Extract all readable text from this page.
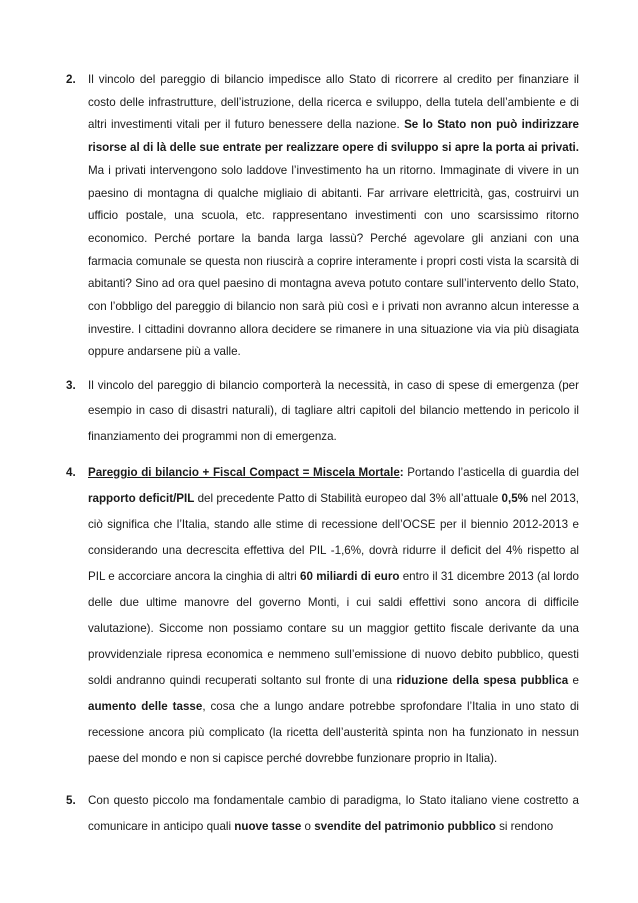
2. Il vincolo del pareggio di bilancio impedisce allo Stato di ricorrere al credito per finanziare il costo delle infrastrutture, dell’istruzione, della ricerca e sviluppo, della tutela dell’ambiente e di altri investimenti vitali per il futuro benessere della nazione. Se lo Stato non può indirizzare risorse al di là delle sue entrate per realizzare opere di sviluppo si apre la porta ai privati. Ma i privati intervengono solo laddove l’investimento ha un ritorno. Immaginate di vivere in un paesino di montagna di qualche migliaio di abitanti. Far arrivare elettricità, gas, costruirvi un ufficio postale, una scuola, etc. rappresentano investimenti con uno scarsissimo ritorno economico. Perché portare la banda larga lassù? Perché agevolare gli anziani con una farmacia comunale se questa non riuscirà a coprire interamente i propri costi vista la scarsità di abitanti? Sino ad ora quel paesino di montagna aveva potuto contare sull’intervento dello Stato, con l’obbligo del pareggio di bilancio non sarà più così e i privati non avranno alcun interesse a investire. I cittadini dovranno allora decidere se rimanere in una situazione via via più disagiata oppure andarsene più a valle.
3. Il vincolo del pareggio di bilancio comporterà la necessità, in caso di spese di emergenza (per esempio in caso di disastri naturali), di tagliare altri capitoli del bilancio mettendo in pericolo il finanziamento dei programmi non di emergenza.
4. Pareggio di bilancio + Fiscal Compact = Miscela Mortale: Portando l’asticella di guardia del rapporto deficit/PIL del precedente Patto di Stabilità europeo dal 3% all’attuale 0,5% nel 2013, ciò significa che l’Italia, stando alle stime di recessione dell’OCSE per il biennio 2012-2013 e considerando una decrescita effettiva del PIL -1,6%, dovrà ridurre il deficit del 4% rispetto al PIL e accorciare ancora la cinghia di altri 60 miliardi di euro entro il 31 dicembre 2013 (al lordo delle due ultime manovre del governo Monti, i cui saldi effettivi sono ancora di difficile valutazione). Siccome non possiamo contare su un maggior gettito fiscale derivante da una provvidenziale ripresa economica e nemmeno sull’emissione di nuovo debito pubblico, questi soldi andranno quindi recuperati soltanto sul fronte di una riduzione della spesa pubblica e aumento delle tasse, cosa che a lungo andare potrebbe sprofondare l’Italia in uno stato di recessione ancora più complicato (la ricetta dell’austerità spinta non ha funzionato in nessun paese del mondo e non si capisce perché dovrebbe funzionare proprio in Italia).
5. Con questo piccolo ma fondamentale cambio di paradigma, lo Stato italiano viene costretto a comunicare in anticipo quali nuove tasse o svendite del patrimonio pubblico si rendono
